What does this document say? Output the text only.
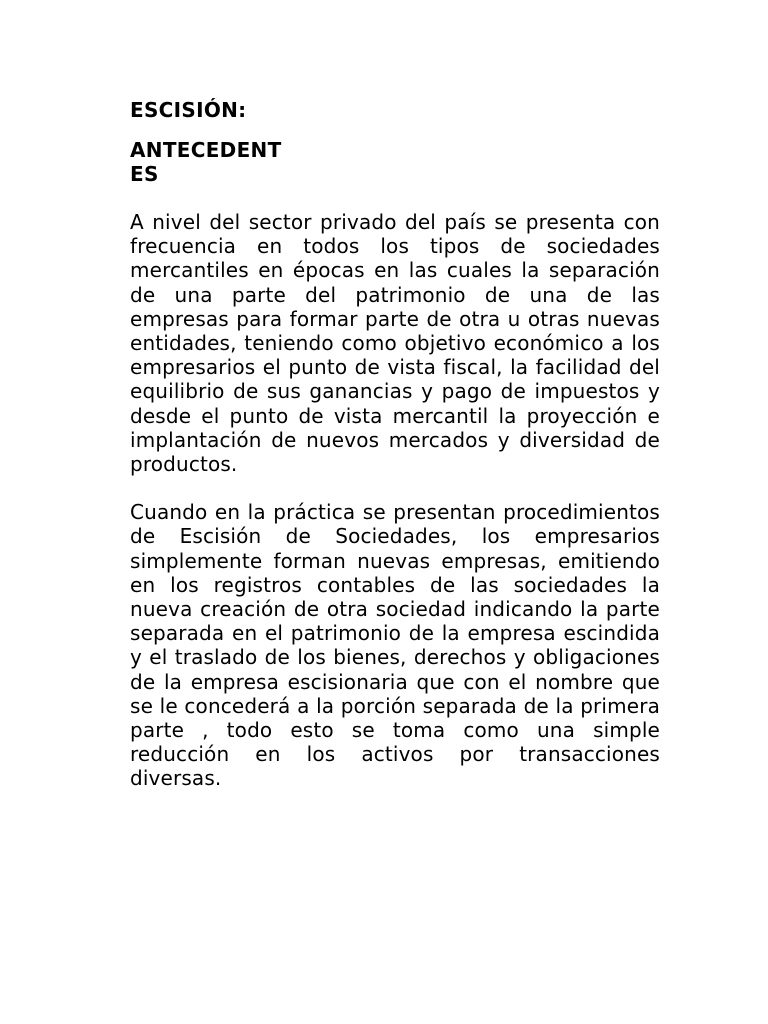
ESCISIÓN:
ANTECEDENTES

A nivel del sector privado del país se presenta con frecuencia en todos los tipos de sociedades mercantiles en épocas en las cuales la separación de una parte del patrimonio de una de las empresas para formar parte de otra u otras nuevas entidades, teniendo como objetivo económico a los empresarios el punto de vista fiscal, la facilidad del equilibrio de sus ganancias y pago de impuestos y desde el punto de vista mercantil la proyección e implantación de nuevos mercados y diversidad de productos.

Cuando en la práctica se presentan procedimientos de Escisión de Sociedades, los empresarios simplemente forman nuevas empresas, emitiendo en los registros contables de las sociedades la nueva creación de otra sociedad indicando la parte separada en el patrimonio de la empresa escindida y el traslado de los bienes, derechos y obligaciones de la empresa escisionaria que con el nombre que se le concederá a la porción separada de la primera parte , todo esto se toma como una simple reducción en los activos por transacciones diversas.
